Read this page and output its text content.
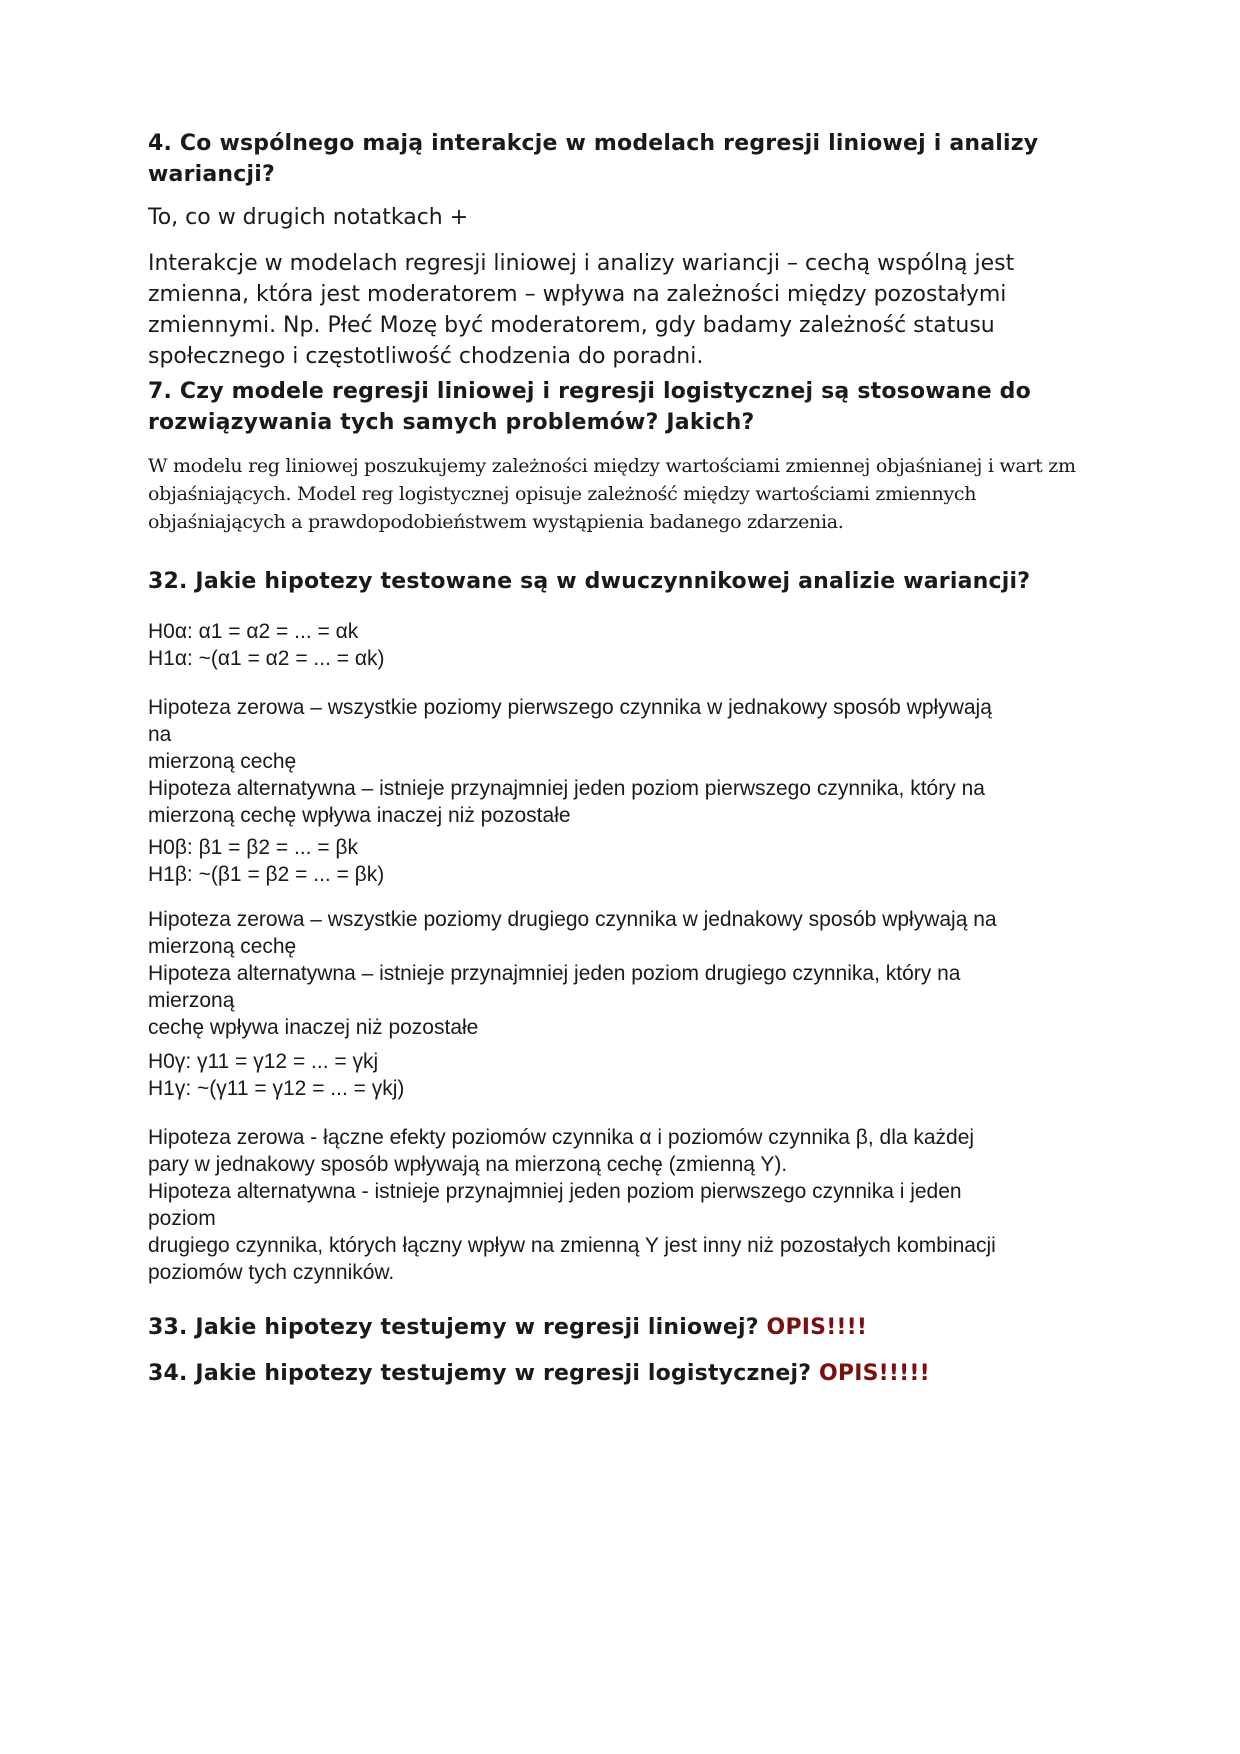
4. Co wspólnego mają interakcje w modelach regresji liniowej i analizy
wariancji?

To, co w drugich notatkach +

Interakcje w modelach regresji liniowej i analizy wariancji – cechą wspólną jest
zmienna, która jest moderatorem – wpływa na zależności między pozostałymi
zmiennymi. Np. Płeć Mozę być moderatorem, gdy badamy zależność statusu
społecznego i częstotliwość chodzenia do poradni.
7. Czy modele regresji liniowej i regresji logistycznej są stosowane do
rozwiązywania tych samych problemów? Jakich?
W modelu reg liniowej poszukujemy zależności między wartościami zmiennej objaśnianej i wart zm
objaśniających. Model reg logistycznej opisuje zależność między wartościami zmiennych
objaśniających a prawdopodobieństwem wystąpienia badanego zdarzenia.
32. Jakie hipotezy testowane są w dwuczynnikowej analizie wariancji?
H0α: α1 = α2 = ... = αk
H1α: ~(α1 = α2 = ... = αk)
Hipoteza zerowa – wszystkie poziomy pierwszego czynnika w jednakowy sposób wpływają
na
mierzoną cechę
Hipoteza alternatywna – istnieje przynajmniej jeden poziom pierwszego czynnika, który na
mierzoną cechę wpływa inaczej niż pozostałe
H0β: β1 = β2 = ... = βk
H1β: ~(β1 = β2 = ... = βk)
Hipoteza zerowa – wszystkie poziomy drugiego czynnika w jednakowy sposób wpływają na
mierzoną cechę
Hipoteza alternatywna – istnieje przynajmniej jeden poziom drugiego czynnika, który na
mierzoną
cechę wpływa inaczej niż pozostałe
H0γ: γ11 = γ12 = ... = γkj
H1γ: ~(γ11 = γ12 = ... = γkj)
Hipoteza zerowa - łączne efekty poziomów czynnika α i poziomów czynnika β, dla każdej
pary w jednakowy sposób wpływają na mierzoną cechę (zmienną Y).
Hipoteza alternatywna - istnieje przynajmniej jeden poziom pierwszego czynnika i jeden
poziom
drugiego czynnika, których łączny wpływ na zmienną Y jest inny niż pozostałych kombinacji
poziomów tych czynników.
33. Jakie hipotezy testujemy w regresji liniowej? OPIS!!!!
34. Jakie hipotezy testujemy w regresji logistycznej? OPIS!!!!!
